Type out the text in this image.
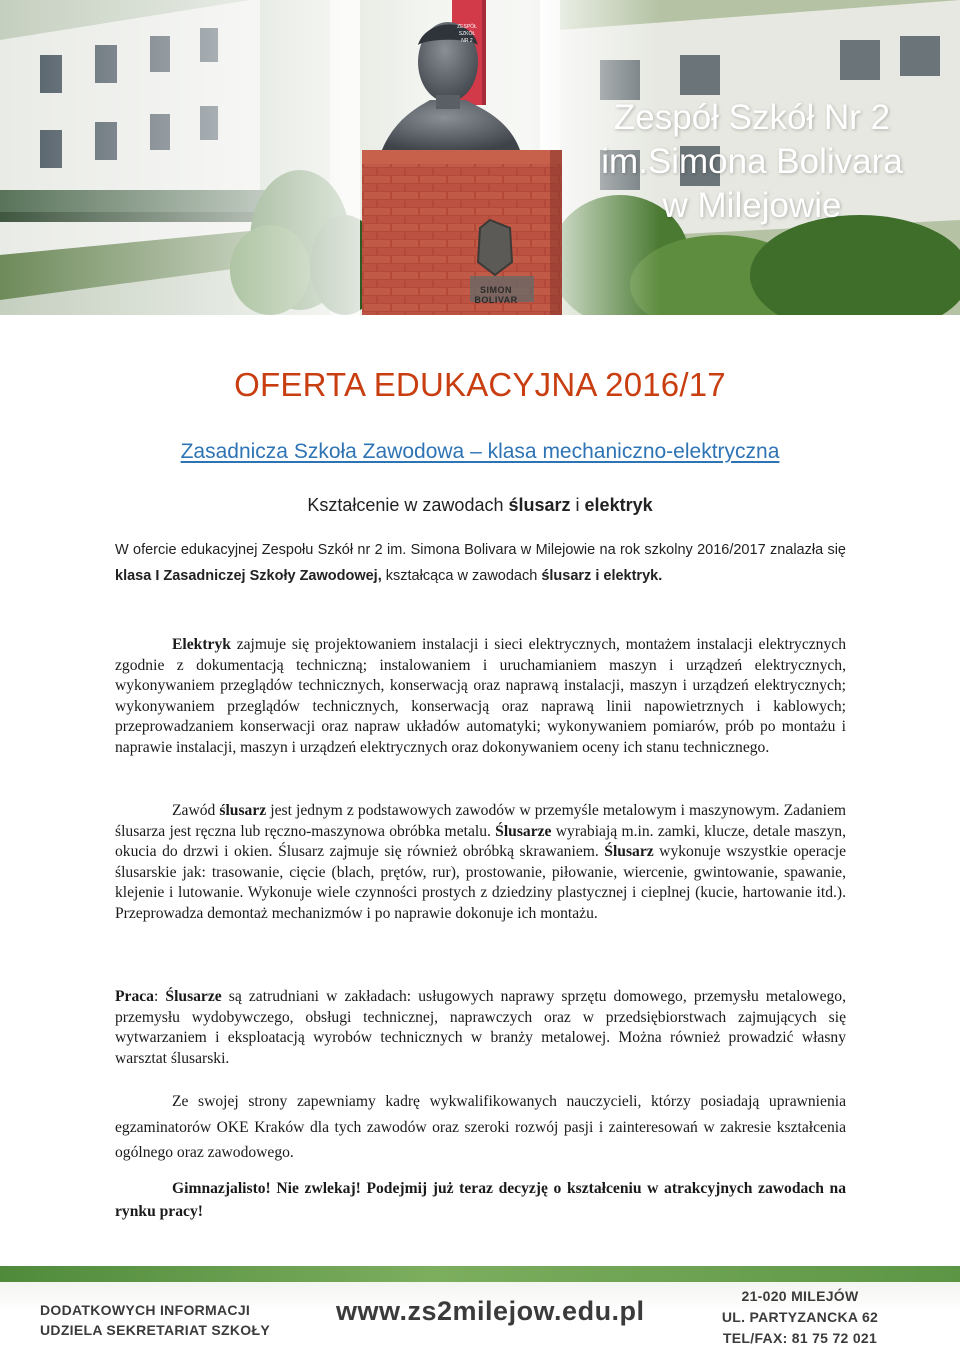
ZESPÓŁ
SZKÓŁ
NR 2
SIMON BOLIVAR
Zespół Szkół Nr 2
im.Simona Bolivara
w Milejowie
OFERTA EDUKACYJNA 2016/17
Zasadnicza Szkoła Zawodowa – klasa mechaniczno-elektryczna
Kształcenie w zawodach ślusarz i elektryk
W ofercie edukacyjnej Zespołu Szkół nr 2 im. Simona Bolivara w Milejowie na rok szkolny 2016/2017 znalazła się klasa I Zasadniczej Szkoły Zawodowej, kształcąca w zawodach ślusarz i elektryk.

Elektryk zajmuje się projektowaniem instalacji i sieci elektrycznych, montażem instalacji elektrycznych zgodnie z dokumentacją techniczną; instalowaniem i uruchamianiem maszyn i urządzeń elektrycznych, wykonywaniem przeglądów technicznych, konserwacją oraz naprawą instalacji, maszyn i urządzeń elektrycznych; wykonywaniem przeglądów technicznych, konserwacją oraz naprawą linii napowietrznych i kablowych; przeprowadzaniem konserwacji oraz napraw układów automatyki; wykonywaniem pomiarów, prób po montażu i naprawie instalacji, maszyn i urządzeń elektrycznych oraz dokonywaniem oceny ich stanu technicznego.

Zawód ślusarz jest jednym z podstawowych zawodów w przemyśle metalowym i maszynowym. Zadaniem ślusarza jest ręczna lub ręczno-maszynowa obróbka metalu. Ślusarze wyrabiają m.in. zamki, klucze, detale maszyn, okucia do drzwi i okien. Ślusarz zajmuje się również obróbką skrawaniem. Ślusarz wykonuje wszystkie operacje ślusarskie jak: trasowanie, cięcie (blach, prętów, rur), prostowanie, piłowanie, wiercenie, gwintowanie, spawanie, klejenie i lutowanie. Wykonuje wiele czynności prostych z dziedziny plastycznej i cieplnej (kucie, hartowanie itd.). Przeprowadza demontaż mechanizmów i po naprawie dokonuje ich montażu.

Praca: Ślusarze są zatrudniani w zakładach: usługowych naprawy sprzętu domowego, przemysłu metalowego, przemysłu wydobywczego, obsługi technicznej, naprawczych oraz w przedsiębiorstwach zajmujących się wytwarzaniem i eksploatacją wyrobów technicznych w branży metalowej. Można również prowadzić własny warsztat ślusarski.

Ze swojej strony zapewniamy kadrę wykwalifikowanych nauczycieli, którzy posiadają uprawnienia egzaminatorów OKE Kraków dla tych zawodów oraz szeroki rozwój pasji i zainteresowań w zakresie kształcenia ogólnego oraz zawodowego.

Gimnazjalisto! Nie zwlekaj! Podejmij już teraz decyzję o kształceniu w atrakcyjnych zawodach na rynku pracy!

DODATKOWYCH INFORMACJI
UDZIELA SEKRETARIAT SZKOŁY
www.zs2milejow.edu.pl	21-020 MILEJÓW
UL. PARTYZANCKA 62
TEL/FAX: 81 75 72 021
